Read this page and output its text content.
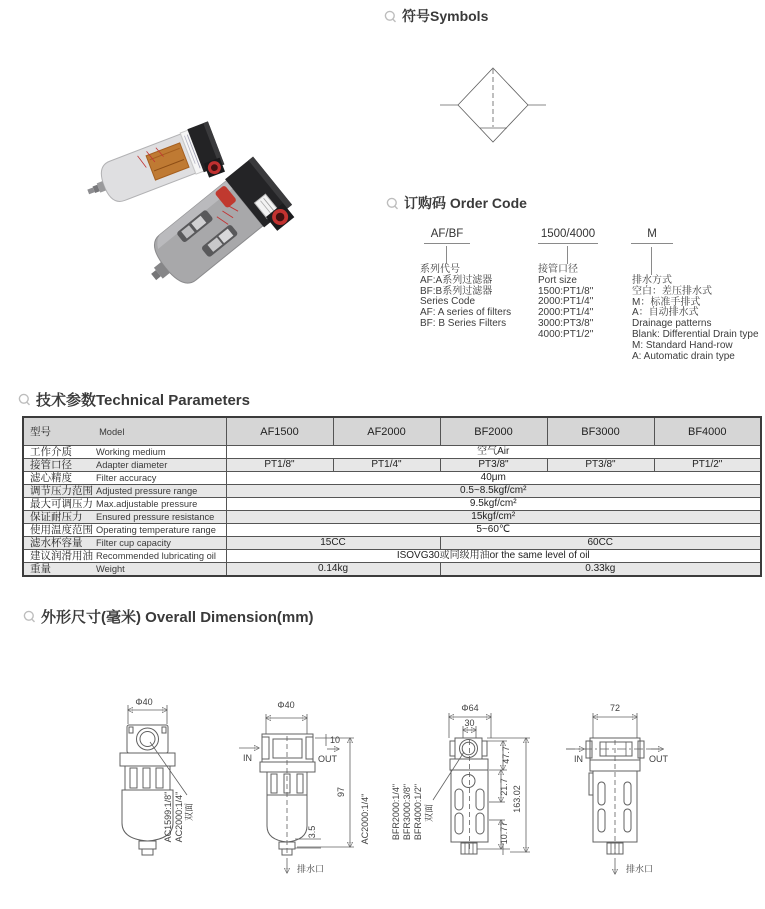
符号Symbols
订购码 Order Code
AF/BF
系列代号
AF:A系列过滤器
BF:B系列过滤器
Series Code
AF: A series of filters
BF: B Series Filters
1500/4000
接管口径
Port size
1500:PT1/8"
2000:PT1/4"
2000:PT1/4"
3000:PT3/8"
4000:PT1/2"
M
排水方式
空白：差压排水式
M：标准手排式
A：自动排水式
Drainage patterns
Blank: Differential Drain type
M: Standard Hand-row
A: Automatic drain type
技术参数Technical Parameters
型号 Model	AF1500	AF2000	BF2000	BF3000	BF4000
工作介质 Working medium	空气Air				
接管口径 Adapter diameter	PT1/8"	PT1/4"	PT3/8"	PT3/8"	PT1/2"
滤心精度 Filter accuracy	40μm				
调节压力范围 Adjusted pressure range	0.5~8.5kgf/cm²				
最大可调压力 Max.adjustable pressure	9.5kgf/cm²				
保证耐压力 Ensured pressure resistance	15kgf/cm²				
使用温度范围 Operating temperature range	5~60℃				
滤水杯容量 Filter cup capacity	15CC		60CC		
建议润滑用油 Recommended lubricating oil	ISOVG30或同级用油or the same level of oil				
重量 Weight	0.14kg		0.33kg		
外形尺寸(毫米) Overall Dimension(mm)
Φ40
AC1599:1/8" AC2000:1/4" 双面
Φ40
IN
10
OUT
97
3.5	AC2000:1/4"
排水口
Φ64
30
47.7
21.7
10.77
163.02
BFR2000:1/4" BFR3000:3/8" BFR4000:1/2" 双面
72
IN	OUT
排水口
